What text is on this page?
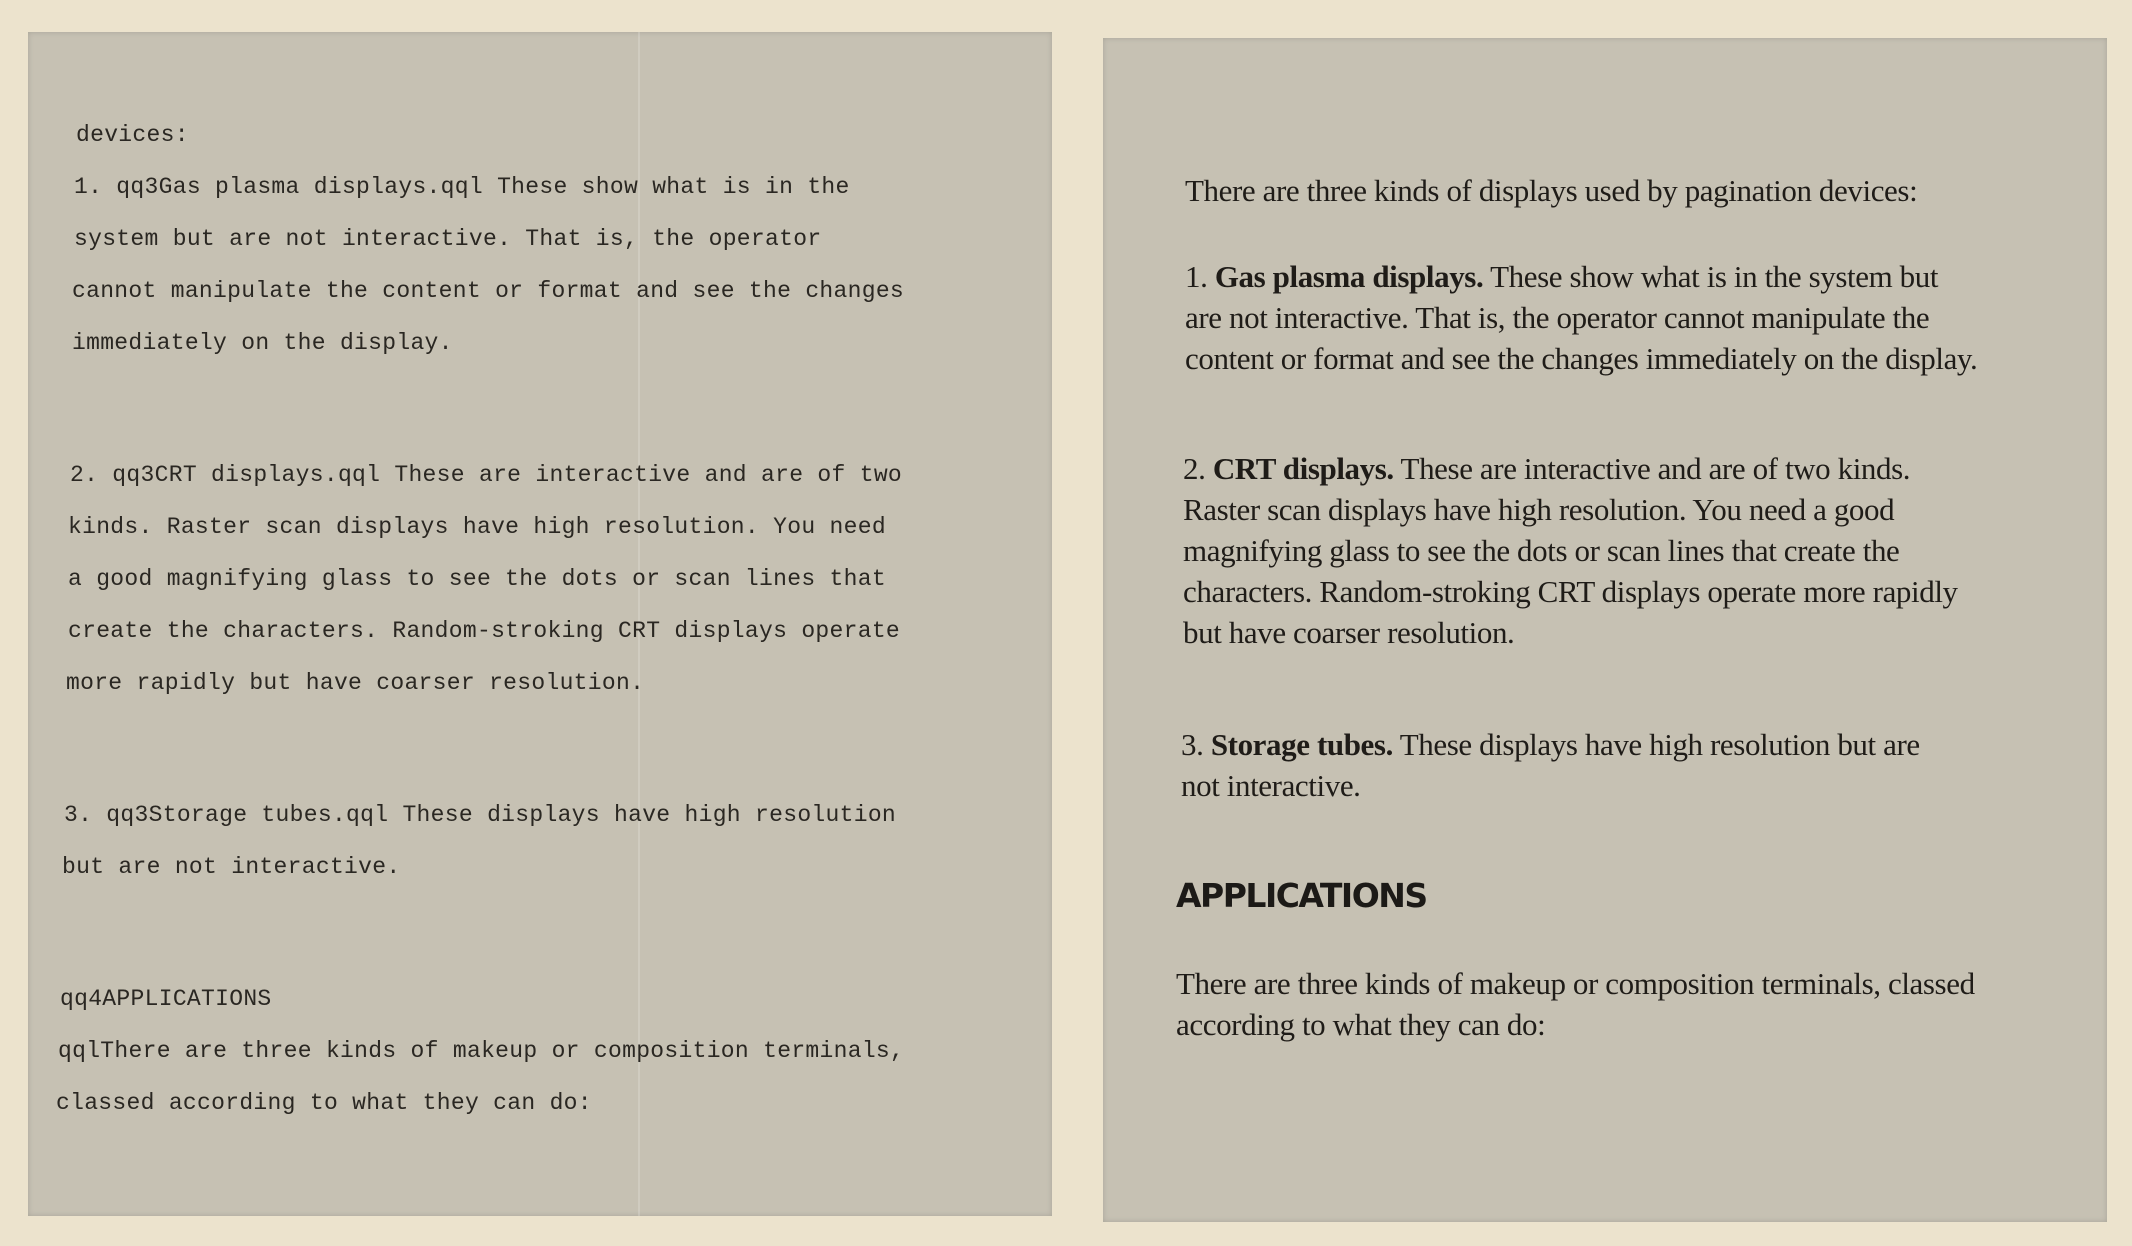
devices:
1. qq3Gas plasma displays.qql These show what is in the
system but are not interactive. That is, the operator
cannot manipulate the content or format and see the changes
immediately on the display.
2. qq3CRT displays.qql These are interactive and are of two
kinds. Raster scan displays have high resolution. You need
a good magnifying glass to see the dots or scan lines that
create the characters. Random-stroking CRT displays operate
more rapidly but have coarser resolution.
3. qq3Storage tubes.qql These displays have high resolution
but are not interactive.
qq4APPLICATIONS
qqlThere are three kinds of makeup or composition terminals,
classed according to what they can do:
There are three kinds of displays used by pagination devices:
1. Gas plasma displays. These show what is in the system but
are not interactive. That is, the operator cannot manipulate the
content or format and see the changes immediately on the display.
2. CRT displays. These are interactive and are of two kinds.
Raster scan displays have high resolution. You need a good
magnifying glass to see the dots or scan lines that create the
characters. Random-stroking CRT displays operate more rapidly
but have coarser resolution.
3. Storage tubes. These displays have high resolution but are
not interactive.
APPLICATIONS
There are three kinds of makeup or composition terminals, classed
according to what they can do:
